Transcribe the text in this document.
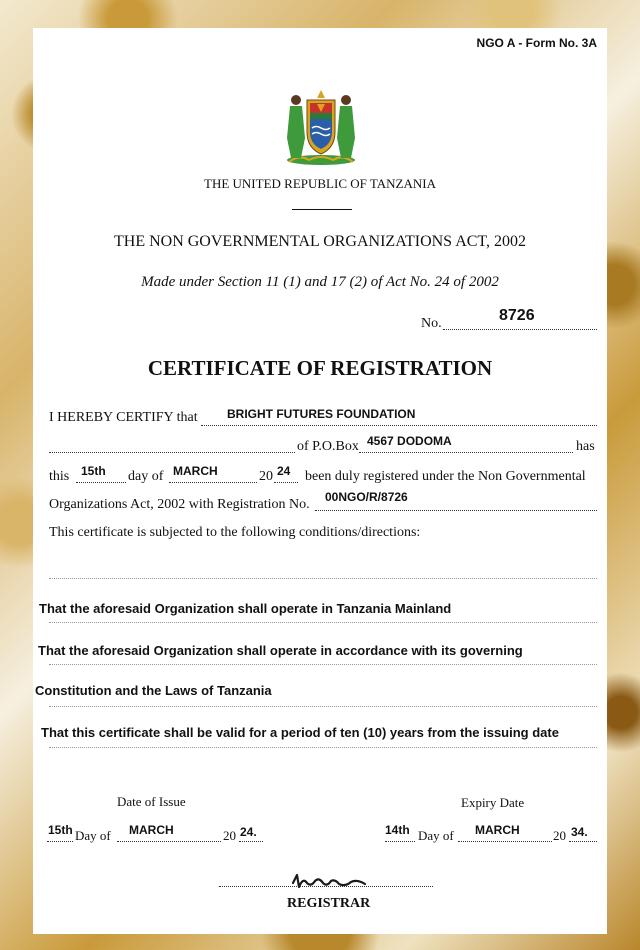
NGO A - Form No. 3A
THE UNITED REPUBLIC OF TANZANIA
THE NON GOVERNMENTAL ORGANIZATIONS ACT, 2002
Made under Section 11 (1) and 17 (2) of Act No. 24 of 2002
No.	8726
CERTIFICATE OF REGISTRATION
I HEREBY CERTIFY that BRIGHT FUTURES FOUNDATION
of P.O.Box 4567 DODOMA	has
this 15th day of MARCH	20 24 been duly registered under the Non Governmental
Organizations Act, 2002 with Registration No. 00NGO/R/8726
This certificate is subjected to the following conditions/directions:
That the aforesaid Organization shall operate in Tanzania Mainland
That the aforesaid Organization shall operate in accordance with its governing
Constitution and the Laws of Tanzania
That this certificate shall be valid for a period of ten (10) years from the issuing date
Date of Issue	Expiry Date
15th Day of MARCH	20 24.	14th Day of MARCH	20 34.
REGISTRAR
